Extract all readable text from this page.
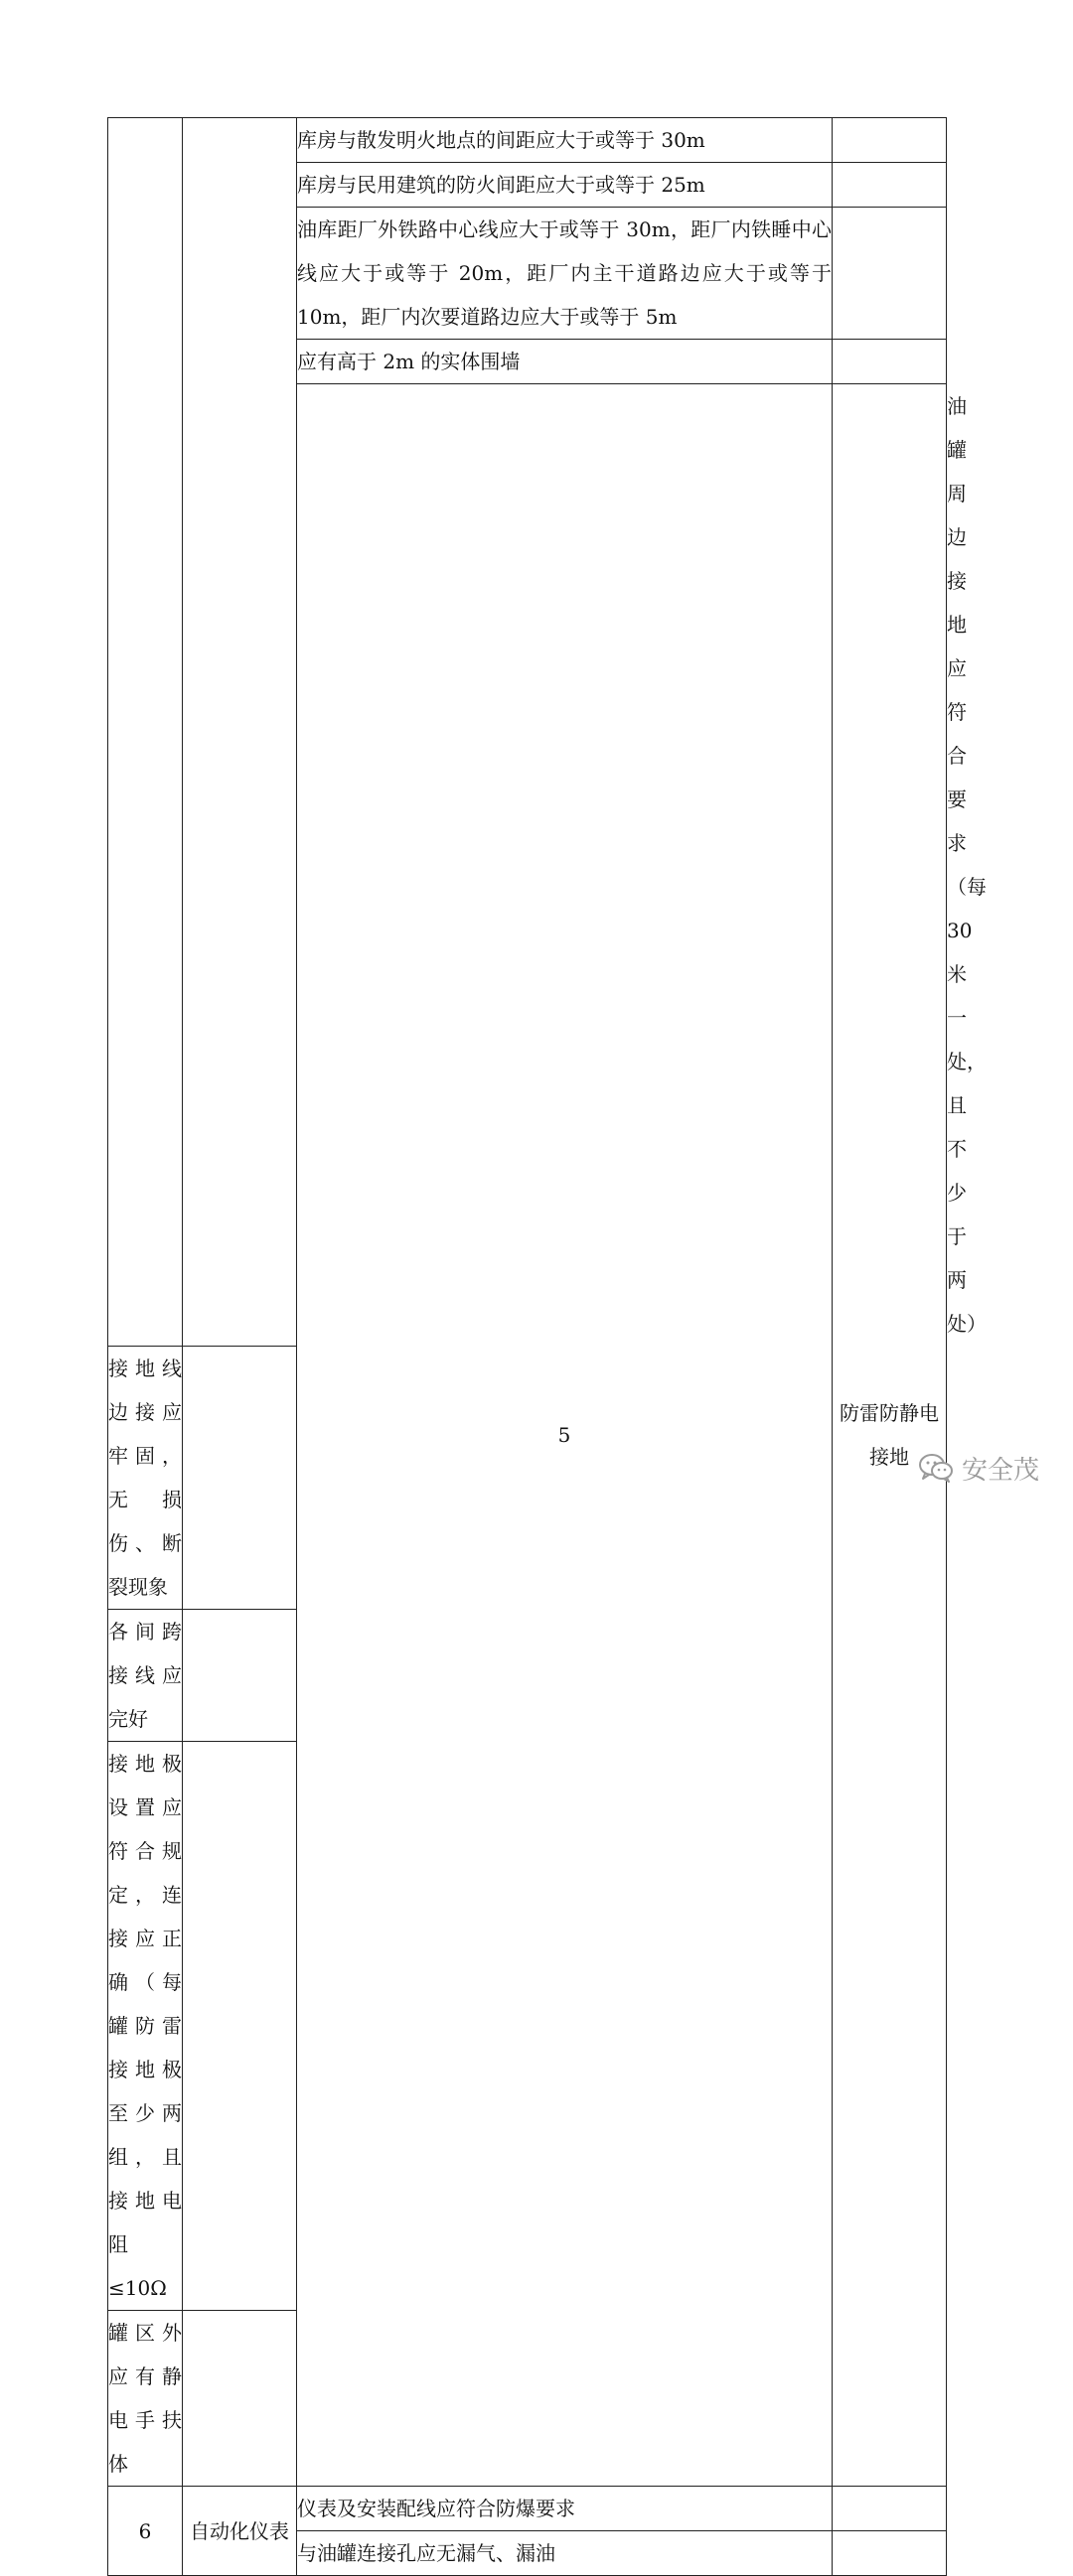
		库房与散发明火地点的间距应大于或等于 30m		
		库房与民用建筑的防火间距应大于或等于 25m		
		油库距厂外铁路中心线应大于或等于 30m，距厂内铁睡中心线应大于或等于 20m，距厂内主干道路边应大于或等于 10m，距厂内次要道路边应大于或等于 5m		
		应有高于 2m 的实体围墙		
		5	防雷防静电接地	油罐周边接地应符合要求（每 30 米一处，且不少于两处）	
接地线边接应牢固，无损伤、断裂现象				
各间跨接线应完好				
接地极设置应符合规定，连接应正确（每罐防雷接地极至少两组，且接地电阻≤10Ω				
罐区外应有静电手扶体				
6	自动化仪表	仪表及安装配线应符合防爆要求		
		与油罐连接孔应无漏气、漏油		
安全茂
